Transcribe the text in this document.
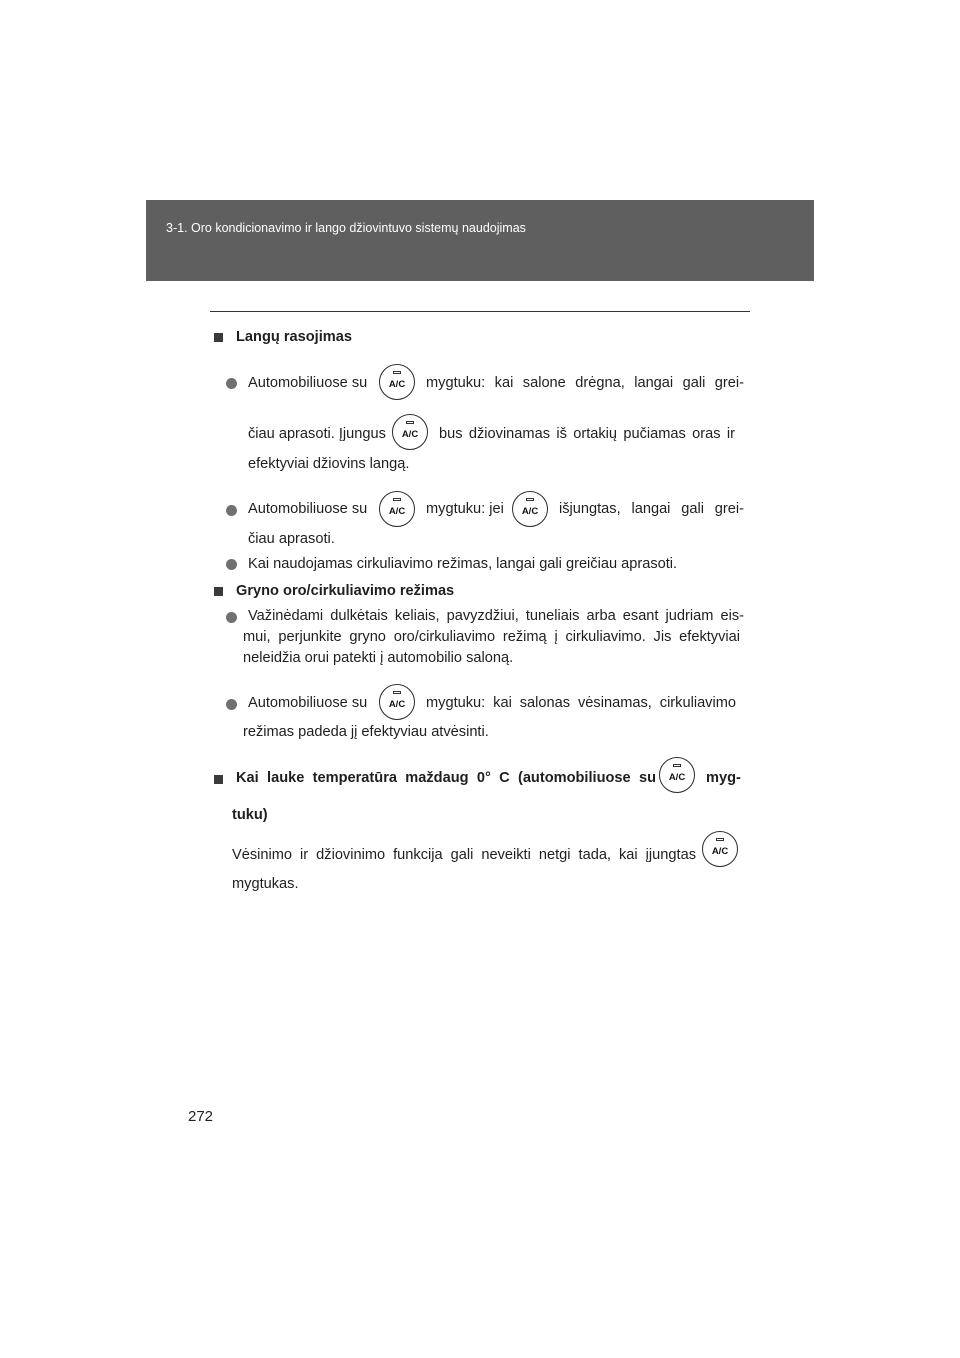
3-1. Oro kondicionavimo ir lango džiovintuvo sistemų naudojimas
Langų rasojimas
Automobiliuose su	A/C	mygtuku: kai salone drėgna, langai gali grei-
čiau aprasoti. Įjungus	A/C	bus džiovinamas iš ortakių pučiamas oras ir
efektyviai džiovins langą.
Automobiliuose su	A/C	mygtuku: jei	A/C	išjungtas, langai gali grei-
čiau aprasoti.
Kai naudojamas cirkuliavimo režimas, langai gali greičiau aprasoti.
Gryno oro/cirkuliavimo režimas
Važinėdami dulkėtais keliais, pavyzdžiui, tuneliais arba esant judriam eis-
mui, perjunkite gryno oro/cirkuliavimo režimą į cirkuliavimo. Jis efektyviai
neleidžia orui patekti į automobilio saloną.
Automobiliuose su	A/C	mygtuku: kai salonas vėsinamas, cirkuliavimo
režimas padeda jį efektyviau atvėsinti.
Kai lauke temperatūra maždaug 0° C (automobiliuose su	A/C	myg-
tuku)
Vėsinimo ir džiovinimo funkcija gali neveikti netgi tada, kai įjungtas	A/C
mygtukas.
272
